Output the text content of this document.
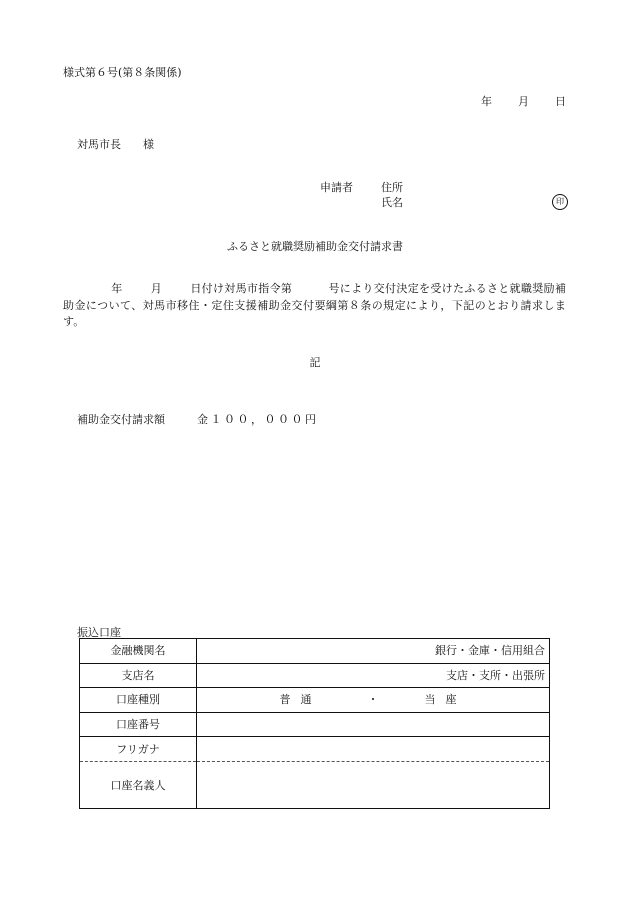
様式第６号(第８条関係)
年 月 日
対馬市長 様
申請者	住所
氏名	印
ふるさと就職奨励補助金交付請求書
年	月	日付け対馬市指令第	号により交付決定を受けたふるさと就職奨励補助金について、対馬市移住・定住支援補助金交付要綱第８条の規定により，下記のとおり請求します。
記
補助金交付請求額	金１００，０００円
振込口座
金融機関名	銀行・金庫・信用組合
支店名	支店・支所・出張所
口座種別	普通 ・ 当座
口座番号	
フリガナ	
口座名義人	
